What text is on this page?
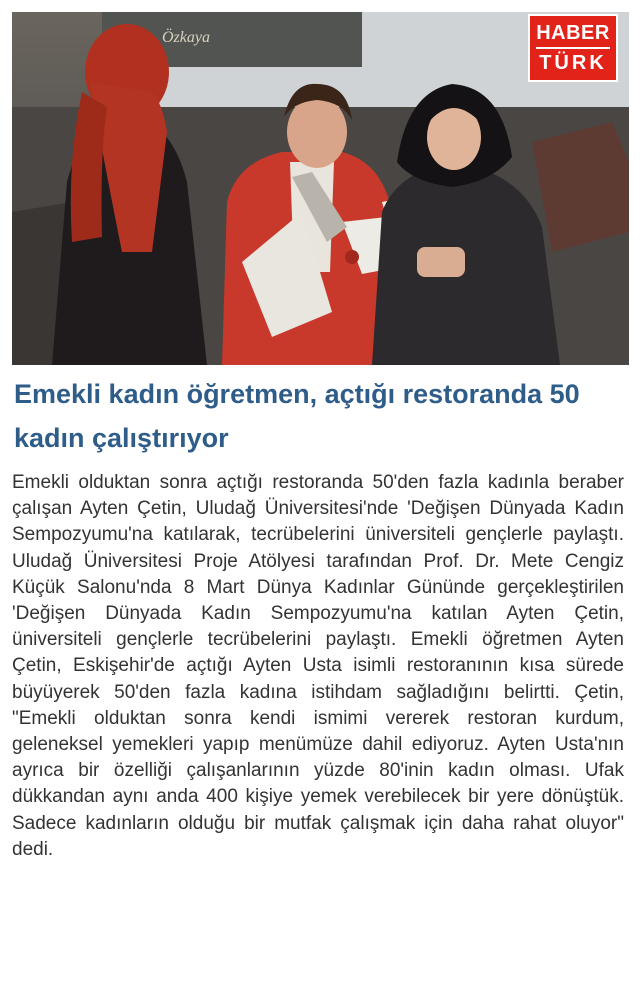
Özkaya	HABER
TÜRK
Emekli kadın öğretmen, açtığı restoranda 50 kadın çalıştırıyor

Emekli olduktan sonra açtığı restoranda 50'den fazla kadınla beraber çalışan Ayten Çetin, Uludağ Üniversitesi'nde 'Değişen Dünyada Kadın Sempozyumu'na katılarak, tecrübelerini üniversiteli gençlerle paylaştı. Uludağ Üniversitesi Proje Atölyesi tarafından Prof. Dr. Mete Cengiz Küçük Salonu'nda 8 Mart Dünya Kadınlar Gününde gerçekleştirilen 'Değişen Dünyada Kadın Sempozyumu'na katılan Ayten Çetin, üniversiteli gençlerle tecrübelerini paylaştı. Emekli öğretmen Ayten Çetin, Eskişehir'de açtığı Ayten Usta isimli restoranının kısa sürede büyüyerek 50'den fazla kadına istihdam sağladığını belirtti. Çetin, "Emekli olduktan sonra kendi ismimi vererek restoran kurdum, geleneksel yemekleri yapıp menümüze dahil ediyoruz. Ayten Usta'nın ayrıca bir özelliği çalışanlarının yüzde 80'inin kadın olması. Ufak dükkandan aynı anda 400 kişiye yemek verebilecek bir yere dönüştük. Sadece kadınların olduğu bir mutfak çalışmak için daha rahat oluyor" dedi.
